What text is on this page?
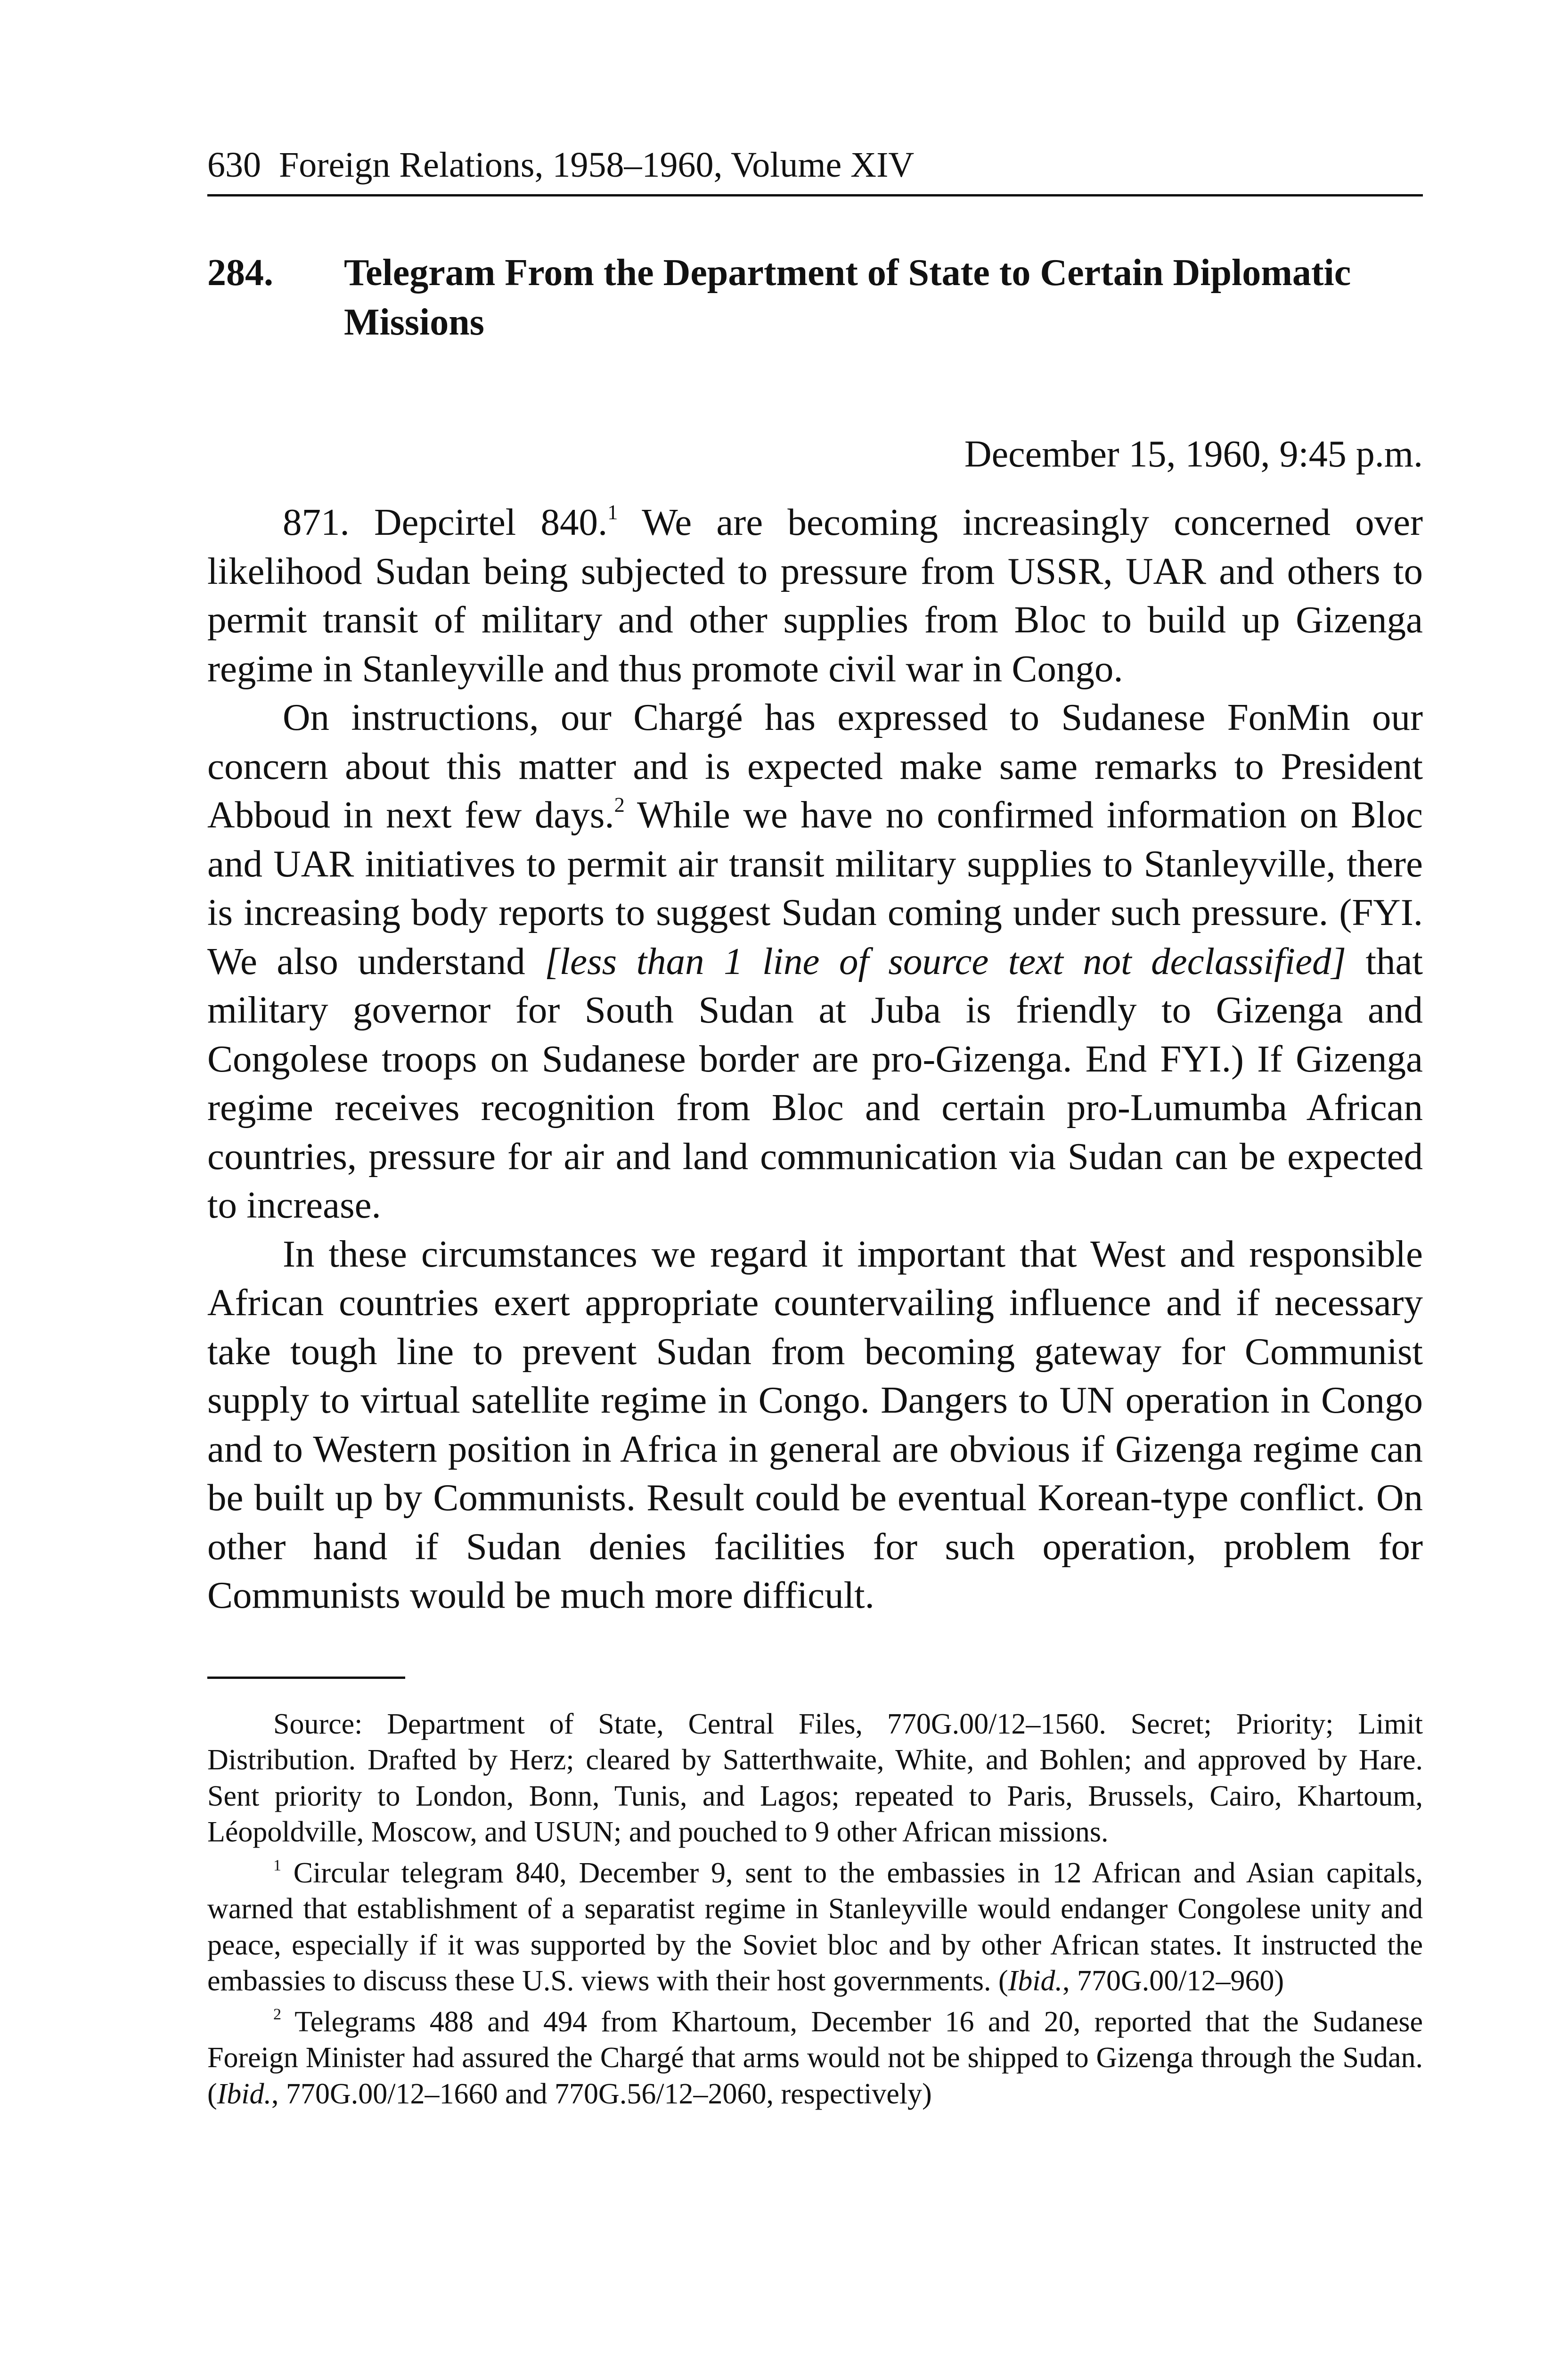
630 Foreign Relations, 1958–1960, Volume XIV
284.	Telegram From the Department of State to Certain Diplomatic Missions
December 15, 1960, 9:45 p.m.

871. Depcirtel 840.$^1$ We are becoming increasingly concerned over likelihood Sudan being subjected to pressure from USSR, UAR and others to permit transit of military and other supplies from Bloc to build up Gizenga regime in Stanleyville and thus promote civil war in Congo.

On instructions, our Chargé has expressed to Sudanese FonMin our concern about this matter and is expected make same remarks to President Abboud in next few days.$^2$ While we have no confirmed information on Bloc and UAR initiatives to permit air transit military supplies to Stanleyville, there is increasing body reports to suggest Sudan coming under such pressure. (FYI. We also understand [less than 1 line of source text not declassified] that military governor for South Sudan at Juba is friendly to Gizenga and Congolese troops on Sudanese border are pro-Gizenga. End FYI.) If Gizenga regime receives recognition from Bloc and certain pro-Lumumba African countries, pressure for air and land communication via Sudan can be expected to increase.

In these circumstances we regard it important that West and responsible African countries exert appropriate countervailing influence and if necessary take tough line to prevent Sudan from becoming gateway for Communist supply to virtual satellite regime in Congo. Dangers to UN operation in Congo and to Western position in Africa in general are obvious if Gizenga regime can be built up by Communists. Result could be eventual Korean-type conflict. On other hand if Sudan denies facilities for such operation, problem for Communists would be much more difficult.

Source: Department of State, Central Files, 770G.00/12–1560. Secret; Priority; Limit Distribution. Drafted by Herz; cleared by Satterthwaite, White, and Bohlen; and approved by Hare. Sent priority to London, Bonn, Tunis, and Lagos; repeated to Paris, Brussels, Cairo, Khartoum, Léopoldville, Moscow, and USUN; and pouched to 9 other African missions.

$^1$ Circular telegram 840, December 9, sent to the embassies in 12 African and Asian capitals, warned that establishment of a separatist regime in Stanleyville would endanger Congolese unity and peace, especially if it was supported by the Soviet bloc and by other African states. It instructed the embassies to discuss these U.S. views with their host governments. (Ibid., 770G.00/12–960)

$^2$ Telegrams 488 and 494 from Khartoum, December 16 and 20, reported that the Sudanese Foreign Minister had assured the Chargé that arms would not be shipped to Gizenga through the Sudan. (Ibid., 770G.00/12–1660 and 770G.56/12–2060, respectively)
